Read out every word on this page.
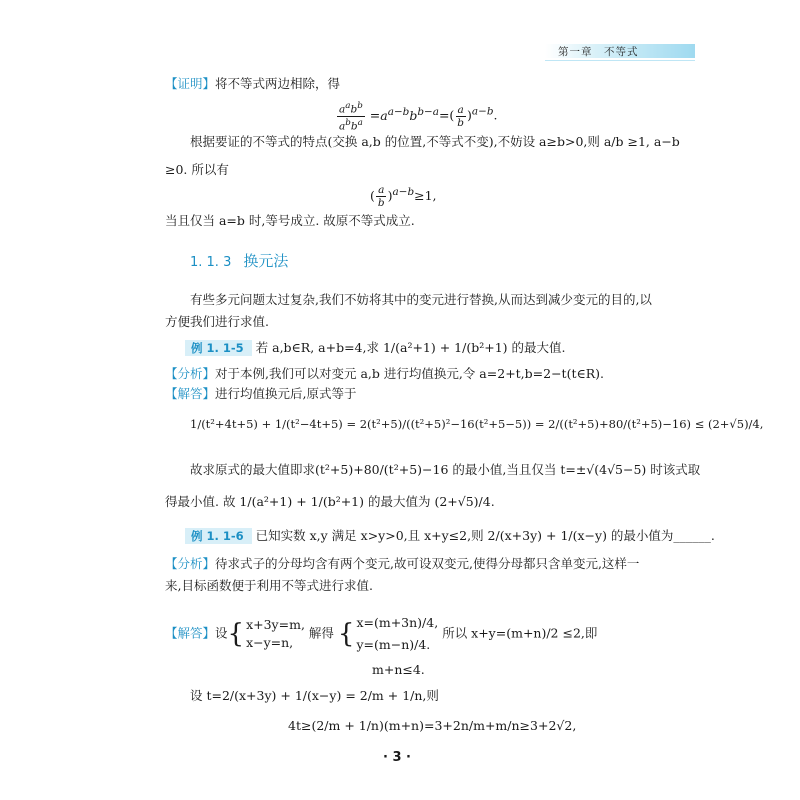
第一章　不等式
【证明】将不等式两边相除，得
$\frac{a^ab^b}{a^bb^a} =a^{a-b}b^{b-a}=( \frac{a}{b} )^{a-b}$.
根据要证的不等式的特点(交换 a,b 的位置,不等式不变),不妨设 a≥b>0,则 a/b ≥1, a−b
≥0. 所以有
( $\frac{a}{b} )^{a-b}\ge 1$,
当且仅当 a=b 时,等号成立. 故原不等式成立.
1. 1. 3 换元法
有些多元问题太过复杂,我们不妨将其中的变元进行替换,从而达到减少变元的目的,以
方便我们进行求值.
例 1. 1-5 若 a,b∈R, a+b=4,求 1/(a²+1) + 1/(b²+1) 的最大值.
【分析】对于本例,我们可以对变元 a,b 进行均值换元,令 a=2+t,b=2−t(t∈R).
【解答】进行均值换元后,原式等于
1/(t²+4t+5) + 1/(t²−4t+5) = 2(t²+5)/((t²+5)²−16(t²+5−5)) = 2/((t²+5)+80/(t²+5)−16) ≤ (2+√5)/4,
故求原式的最大值即求(t²+5)+80/(t²+5)−16 的最小值,当且仅当 t=±√(4√5−5) 时该式取
得最小值. 故 1/(a²+1) + 1/(b²+1) 的最大值为 (2+√5)/4.
例 1. 1-6 已知实数 x,y 满足 x>y>0,且 x+y≤2,则 2/(x+3y) + 1/(x−y) 的最小值为______.
【分析】待求式子的分母均含有两个变元,故可设双变元,使得分母都只含单变元,这样一
来,目标函数便于利用不等式进行求值.
【解答】设{ x+3y=m,
x−y=n, 解得 { x=(m+3n)/4,
y=(m−n)/4. 所以 x+y=(m+n)/2 ≤2,即
m+n≤4.
设 t=2/(x+3y) + 1/(x−y) = 2/m + 1/n,则
4t≥(2/m + 1/n)(m+n)=3+2n/m+m/n≥3+2√2,
· 3 ·
